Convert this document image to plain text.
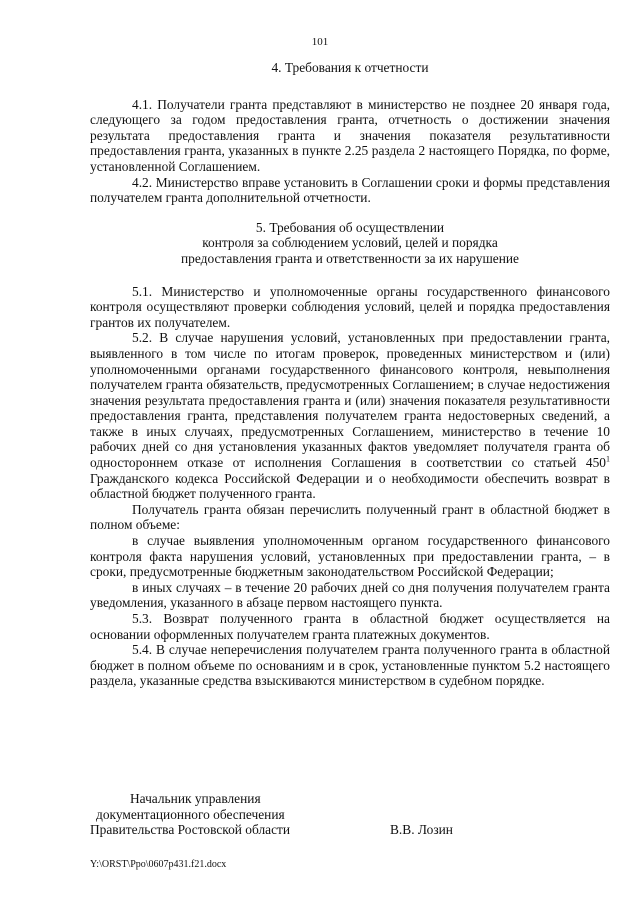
101
4. Требования к отчетности

4.1. Получатели гранта представляют в министерство не позднее 20 января года, следующего за годом предоставления гранта, отчетность о достижении значения результата предоставления гранта и значения показателя результативности предоставления гранта, указанных в пункте 2.25 раздела 2 настоящего Порядка, по форме, установленной Соглашением.

4.2. Министерство вправе установить в Соглашении сроки и формы представления получателем гранта дополнительной отчетности.

5. Требования об осуществлении
контроля за соблюдением условий, целей и порядка
предоставления гранта и ответственности за их нарушение

5.1. Министерство и уполномоченные органы государственного финансового контроля осуществляют проверки соблюдения условий, целей и порядка предоставления грантов их получателем.

5.2. В случае нарушения условий, установленных при предоставлении гранта, выявленного в том числе по итогам проверок, проведенных министерством и (или) уполномоченными органами государственного финансового контроля, невыполнения получателем гранта обязательств, предусмотренных Соглашением; в случае недостижения значения результата предоставления гранта и (или) значения показателя результативности предоставления гранта, представления получателем гранта недостоверных сведений, а также в иных случаях, предусмотренных Соглашением, министерство в течение 10 рабочих дней со дня установления указанных фактов уведомляет получателя гранта об одностороннем отказе от исполнения Соглашения в соответствии со статьей $450^1$ Гражданского кодекса Российской Федерации и о необходимости обеспечить возврат в областной бюджет полученного гранта.

Получатель гранта обязан перечислить полученный грант в областной бюджет в полном объеме:

в случае выявления уполномоченным органом государственного финансового контроля факта нарушения условий, установленных при предоставлении гранта, – в сроки, предусмотренные бюджетным законодательством Российской Федерации;

в иных случаях – в течение 20 рабочих дней со дня получения получателем гранта уведомления, указанного в абзаце первом настоящего пункта.

5.3. Возврат полученного гранта в областной бюджет осуществляется на основании оформленных получателем гранта платежных документов.

5.4. В случае неперечисления получателем гранта полученного гранта в областной бюджет в полном объеме по основаниям и в срок, установленные пунктом 5.2 настоящего раздела, указанные средства взыскиваются министерством в судебном порядке.

Начальник управления
документационного обеспечения
Правительства Ростовской области	В.В. Лозин
Y:\ORST\Ppo\0607p431.f21.docx
